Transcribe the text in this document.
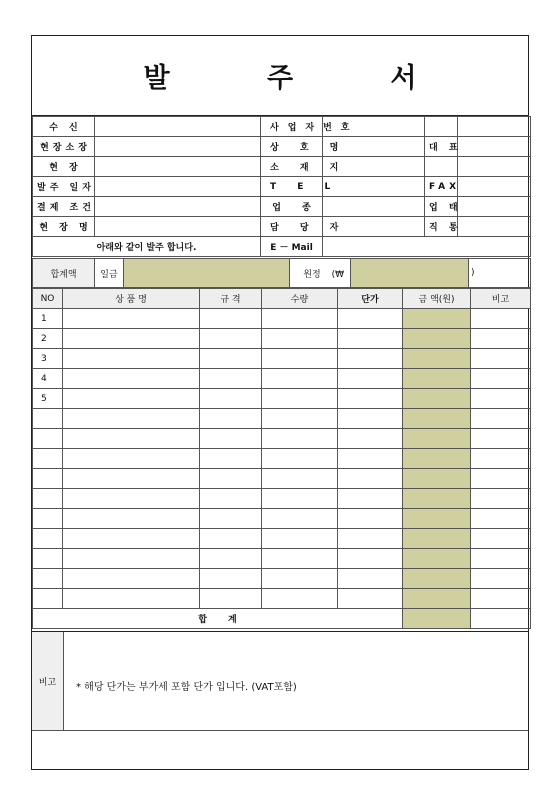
발 주 서
수 신		사업자번호			
현장소장		상 호 명		대 표	
현 장		소 재 지			
발주 일자		T E L		FAX	
결제 조건		업 종		업 태	
현 장 명		담 당 자		직 통	
아래와 같이 발주 합니다.		E － Mail			
합계액	일금		원정 (₩		)
NO	상 품 명	규 격	수량	단가	금 액(원)	비고
1						
2						
3						
4						
5						

합 계						
비고	* 해당 단가는 부가세 포함 단가 입니다. (VAT포함)
